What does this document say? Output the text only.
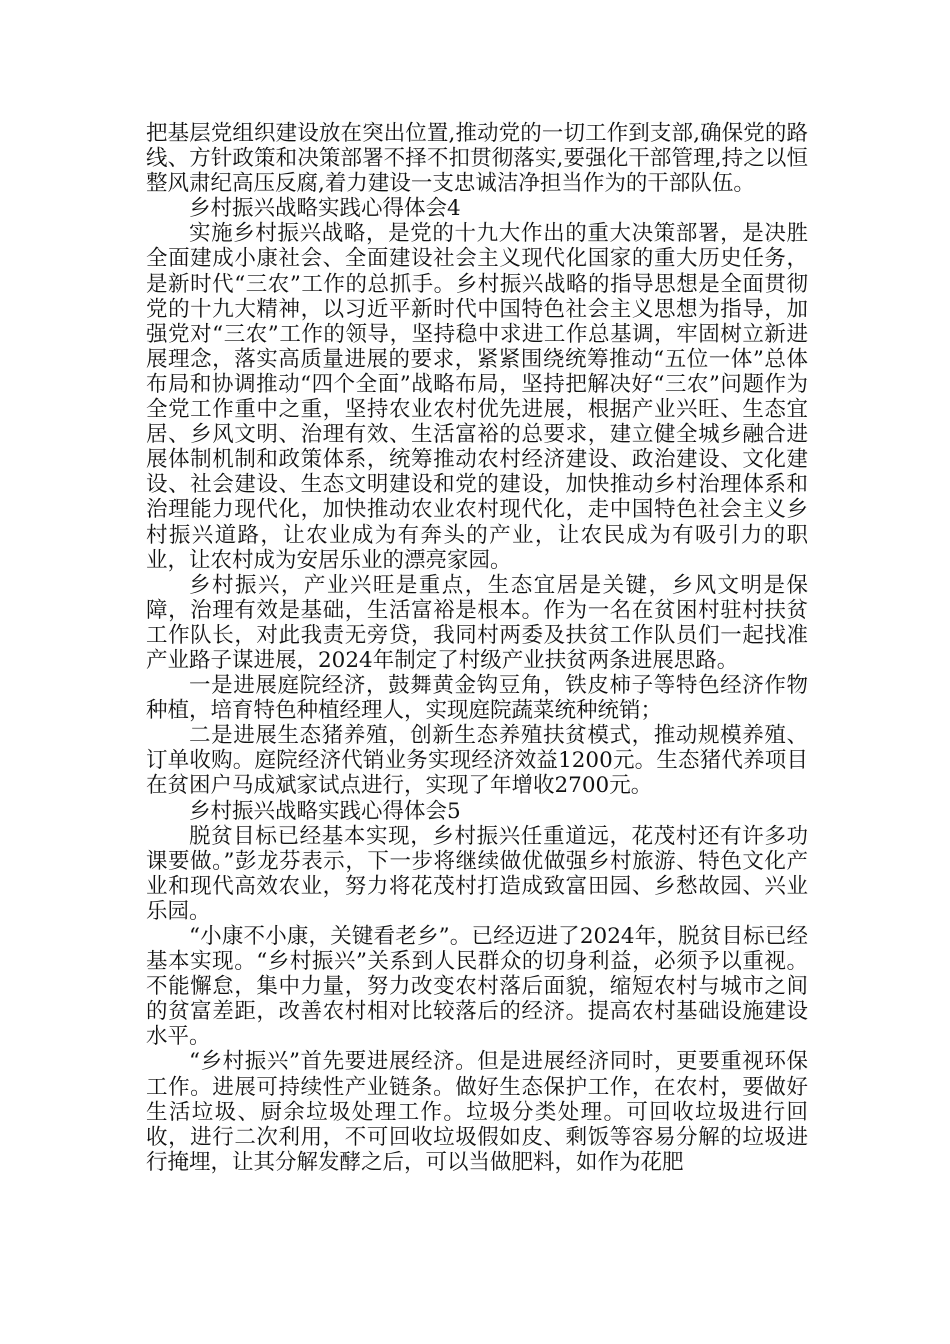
把基层党组织建设放在突出位置,推动党的一切工作到支部,确保党的路线、方针政策和决策部署不择不扣贯彻落实,要强化干部管理,持之以恒整风肃纪高压反腐,着力建设一支忠诚洁净担当作为的干部队伍。

乡村振兴战略实践心得体会4

实施乡村振兴战略，是党的十九大作出的重大决策部署，是决胜全面建成小康社会、全面建设社会主义现代化国家的重大历史任务，是新时代“三农”工作的总抓手。乡村振兴战略的指导思想是全面贯彻党的十九大精神，以习近平新时代中国特色社会主义思想为指导，加强党对“三农”工作的领导，坚持稳中求进工作总基调，牢固树立新进展理念，落实高质量进展的要求，紧紧围绕统筹推动“五位一体”总体布局和协调推动“四个全面”战略布局，坚持把解决好“三农”问题作为全党工作重中之重，坚持农业农村优先进展，根据产业兴旺、生态宜居、乡风文明、治理有效、生活富裕的总要求，建立健全城乡融合进展体制机制和政策体系，统筹推动农村经济建设、政治建设、文化建设、社会建设、生态文明建设和党的建设，加快推动乡村治理体系和治理能力现代化，加快推动农业农村现代化，走中国特色社会主义乡村振兴道路，让农业成为有奔头的产业，让农民成为有吸引力的职业，让农村成为安居乐业的漂亮家园。

乡村振兴，产业兴旺是重点，生态宜居是关键，乡风文明是保障，治理有效是基础，生活富裕是根本。作为一名在贫困村驻村扶贫工作队长，对此我责无旁贷，我同村两委及扶贫工作队员们一起找准产业路子谋进展，2024年制定了村级产业扶贫两条进展思路。

一是进展庭院经济，鼓舞黄金钩豆角，铁皮柿子等特色经济作物种植，培育特色种植经理人，实现庭院蔬菜统种统销；

二是进展生态猪养殖，创新生态养殖扶贫模式，推动规模养殖、订单收购。庭院经济代销业务实现经济效益1200元。生态猪代养项目在贫困户马成斌家试点进行，实现了年增收2700元。

乡村振兴战略实践心得体会5

脱贫目标已经基本实现，乡村振兴任重道远，花茂村还有许多功课要做。”彭龙芬表示，下一步将继续做优做强乡村旅游、特色文化产业和现代高效农业，努力将花茂村打造成致富田园、乡愁故园、兴业乐园。

“小康不小康，关键看老乡”。已经迈进了2024年，脱贫目标已经基本实现。“乡村振兴”关系到人民群众的切身利益，必须予以重视。不能懈怠，集中力量，努力改变农村落后面貌，缩短农村与城市之间的贫富差距，改善农村相对比较落后的经济。提高农村基础设施建设水平。

“乡村振兴”首先要进展经济。但是进展经济同时，更要重视环保工作。进展可持续性产业链条。做好生态保护工作，在农村，要做好生活垃圾、厨余垃圾处理工作。垃圾分类处理。可回收垃圾进行回收，进行二次利用，不可回收垃圾假如皮、剩饭等容易分解的垃圾进行掩埋，让其分解发酵之后，可以当做肥料，如作为花肥
